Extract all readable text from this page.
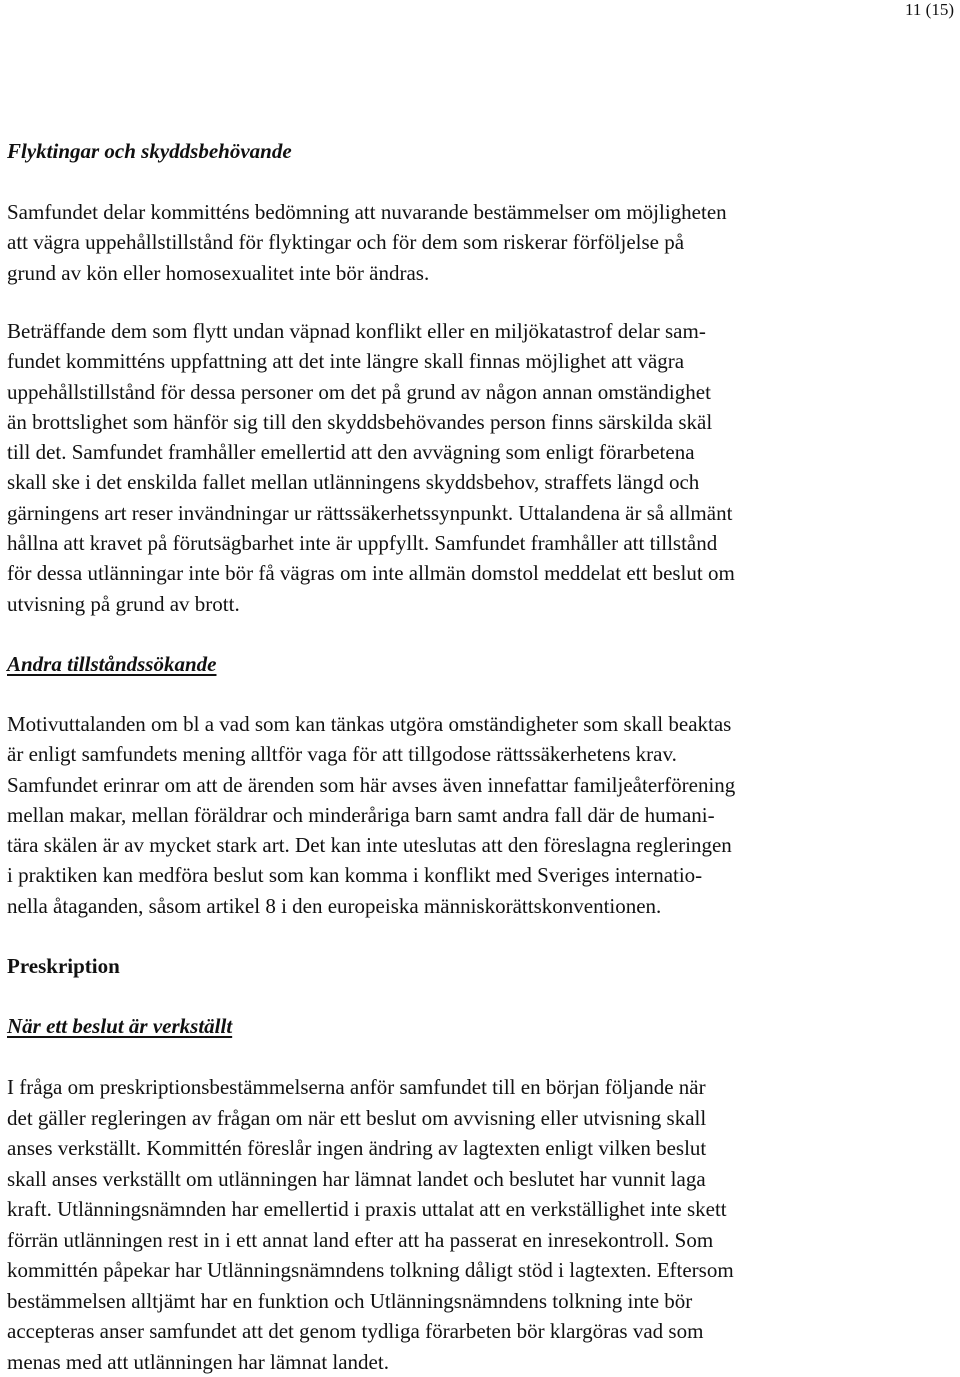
11 (15)
Flyktingar och skyddsbehövande
Samfundet delar kommitténs bedömning att nuvarande bestämmelser om möjligheten
att vägra uppehållstillstånd för flyktingar och för dem som riskerar förföljelse på
grund av kön eller homosexualitet inte bör ändras.
Beträffande dem som flytt undan väpnad konflikt eller en miljökatastrof delar sam-
fundet kommitténs uppfattning att det inte längre skall finnas möjlighet att vägra
uppehållstillstånd för dessa personer om det på grund av någon annan omständighet
än brottslighet som hänför sig till den skyddsbehövandes person finns särskilda skäl
till det. Samfundet framhåller emellertid att den avvägning som enligt förarbetena
skall ske i det enskilda fallet mellan utlänningens skyddsbehov, straffets längd och
gärningens art reser invändningar ur rättssäkerhetssynpunkt. Uttalandena är så allmänt
hållna att kravet på förutsägbarhet inte är uppfyllt. Samfundet framhåller att tillstånd
för dessa utlänningar inte bör få vägras om inte allmän domstol meddelat ett beslut om
utvisning på grund av brott.
Andra tillståndssökande
Motivuttalanden om bl a vad som kan tänkas utgöra omständigheter som skall beaktas
är enligt samfundets mening alltför vaga för att tillgodose rättssäkerhetens krav.
Samfundet erinrar om att de ärenden som här avses även innefattar familjeåterförening
mellan makar, mellan föräldrar och minderåriga barn samt andra fall där de humani-
tära skälen är av mycket stark art. Det kan inte uteslutas att den föreslagna regleringen
i praktiken kan medföra beslut som kan komma i konflikt med Sveriges internatio-
nella åtaganden, såsom artikel 8 i den europeiska människorättskonventionen.
Preskription
När ett beslut är verkställt
I fråga om preskriptionsbestämmelserna anför samfundet till en början följande när
det gäller regleringen av frågan om när ett beslut om avvisning eller utvisning skall
anses verkställt. Kommittén föreslår ingen ändring av lagtexten enligt vilken beslut
skall anses verkställt om utlänningen har lämnat landet och beslutet har vunnit laga
kraft. Utlänningsnämnden har emellertid i praxis uttalat att en verkställighet inte skett
förrän utlänningen rest in i ett annat land efter att ha passerat en inresekontroll. Som
kommittén påpekar har Utlänningsnämndens tolkning dåligt stöd i lagtexten. Eftersom
bestämmelsen alltjämt har en funktion och Utlänningsnämndens tolkning inte bör
accepteras anser samfundet att det genom tydliga förarbeten bör klargöras vad som
menas med att utlänningen har lämnat landet.
